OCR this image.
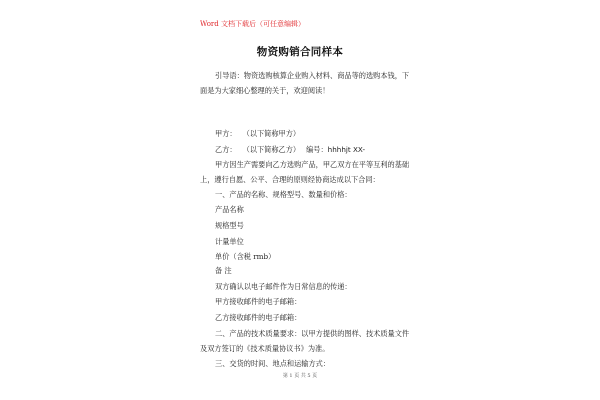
Word 文档下载后（可任意编辑）
物资购销合同样本
引导语：物资选购核算企业购入材料、商品等的选购本钱，下
面是为大家细心整理的关于，欢迎阅读！
甲方： （以下简称甲方）
乙方： （以下简称乙方） 编号：hhhhjt XX-
甲方因生产需要向乙方选购产品，甲乙双方在平等互利的基础
上，遵行自愿、公平、合理的原则经协商达成以下合同：
一、产品的名称、规格型号、数量和价格：
产品名称
规格型号
计量单位
单价（含税 rmb）
备 注
双方确认以电子邮件作为日常信息的传递：
甲方接收邮件的电子邮箱：
乙方接收邮件的电子邮箱：
二、产品的技术质量要求：以甲方提供的图样、技术质量文件
及双方签订的《技术质量协议书》为准。
三、交货的时间、地点和运输方式：
第 1 页 共 5 页
